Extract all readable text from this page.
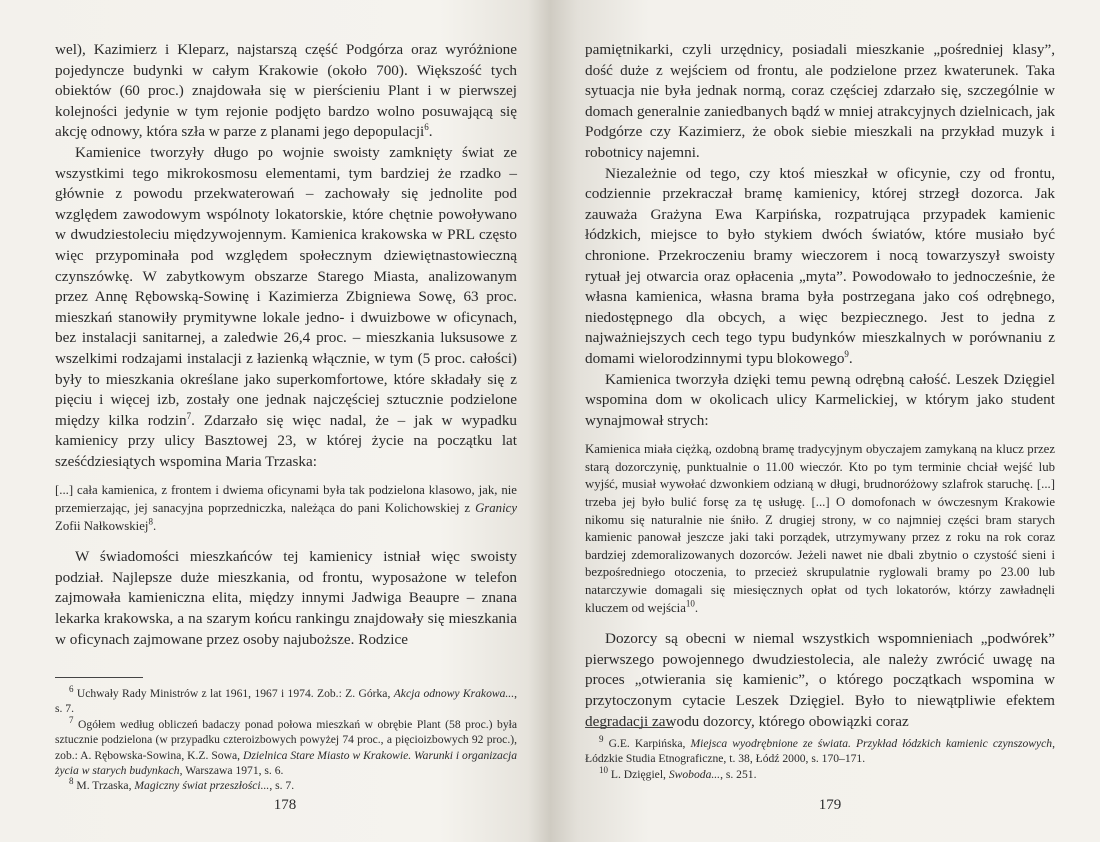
wel), Kazimierz i Kleparz, najstarszą część Podgórza oraz wyróżnione pojedyncze budynki w całym Krakowie (około 700). Większość tych obiektów (60 proc.) znajdowała się w pierścieniu Plant i w pierwszej kolejności jedynie w tym rejonie podjęto bardzo wolno posuwającą się akcję odnowy, która szła w parze z planami jego depopulacji$^6$.

Kamienice tworzyły długo po wojnie swoisty zamknięty świat ze wszystkimi tego mikrokosmosu elementami, tym bardziej że rzadko – głównie z powodu przekwaterowań – zachowały się jednolite pod względem zawodowym wspólnoty lokatorskie, które chętnie powoływano w dwudziestoleciu międzywojennym. Kamienica krakowska w PRL często więc przypominała pod względem społecznym dziewiętnastowieczną czynszówkę. W zabytkowym obszarze Starego Miasta, analizowanym przez Annę Rębowską-Sowinę i Kazimierza Zbigniewa Sowę, 63 proc. mieszkań stanowiły prymitywne lokale jedno- i dwuizbowe w oficynach, bez instalacji sanitarnej, a zaledwie 26,4 proc. – mieszkania luksusowe z wszelkimi rodzajami instalacji z łazienką włącznie, w tym (5 proc. całości) były to mieszkania określane jako superkomfortowe, które składały się z pięciu i więcej izb, zostały one jednak najczęściej sztucznie podzielone między kilka rodzin$^7$. Zdarzało się więc nadal, że – jak w wypadku kamienicy przy ulicy Basztowej 23, w której życie na początku lat sześćdziesiątych wspomina Maria Trzaska:

[...] cała kamienica, z frontem i dwiema oficynami była tak podzielona klasowo, jak, nie przemierzając, jej sanacyjna poprzedniczka, należąca do pani Kolichowskiej z Granicy Zofii Nałkowskiej$^8$.

W świadomości mieszkańców tej kamienicy istniał więc swoisty podział. Najlepsze duże mieszkania, od frontu, wyposażone w telefon zajmowała kamieniczna elita, między innymi Jadwiga Beaupre – znana lekarka krakowska, a na szarym końcu rankingu znajdowały się mieszkania w oficynach zajmowane przez osoby najuboższe. Rodzice

$^6$ Uchwały Rady Ministrów z lat 1961, 1967 i 1974. Zob.: Z. Górka, Akcja odnowy Krakowa..., s. 7.

$^7$ Ogółem według obliczeń badaczy ponad połowa mieszkań w obrębie Plant (58 proc.) była sztucznie podzielona (w przypadku czteroizbowych powyżej 74 proc., a pięcioizbowych 92 proc.), zob.: A. Rębowska-Sowina, K.Z. Sowa, Dzielnica Stare Miasto w Krakowie. Warunki i organizacja życia w starych budynkach, Warszawa 1971, s. 6.

$^8$ M. Trzaska, Magiczny świat przeszłości..., s. 7.

178

pamiętnikarki, czyli urzędnicy, posiadali mieszkanie „pośredniej klasy”, dość duże z wejściem od frontu, ale podzielone przez kwaterunek. Taka sytuacja nie była jednak normą, coraz częściej zdarzało się, szczególnie w domach generalnie zaniedbanych bądź w mniej atrakcyjnych dzielnicach, jak Podgórze czy Kazimierz, że obok siebie mieszkali na przykład muzyk i robotnicy najemni.

Niezależnie od tego, czy ktoś mieszkał w oficynie, czy od frontu, codziennie przekraczał bramę kamienicy, której strzegł dozorca. Jak zauważa Grażyna Ewa Karpińska, rozpatrująca przypadek kamienic łódzkich, miejsce to było stykiem dwóch światów, które musiało być chronione. Przekroczeniu bramy wieczorem i nocą towarzyszył swoisty rytuał jej otwarcia oraz opłacenia „myta”. Powodowało to jednocześnie, że własna kamienica, własna brama była postrzegana jako coś odrębnego, niedostępnego dla obcych, a więc bezpiecznego. Jest to jedna z najważniejszych cech tego typu budynków mieszkalnych w porównaniu z domami wielorodzinnymi typu blokowego$^9$.

Kamienica tworzyła dzięki temu pewną odrębną całość. Leszek Dzięgiel wspomina dom w okolicach ulicy Karmelickiej, w którym jako student wynajmował strych:

Kamienica miała ciężką, ozdobną bramę tradycyjnym obyczajem zamykaną na klucz przez starą dozorczynię, punktualnie o 11.00 wieczór. Kto po tym terminie chciał wejść lub wyjść, musiał wywołać dzwonkiem odzianą w długi, brudnoróżowy szlafrok staruchę. [...] trzeba jej było bulić forsę za tę usługę. [...] O domofonach w ówczesnym Krakowie nikomu się naturalnie nie śniło. Z drugiej strony, w co najmniej części bram starych kamienic panował jeszcze jaki taki porządek, utrzymywany przez z roku na rok coraz bardziej zdemoralizowanych dozorców. Jeżeli nawet nie dbali zbytnio o czystość sieni i bezpośredniego otoczenia, to przecież skrupulatnie ryglowali bramy po 23.00 lub natarczywie domagali się miesięcznych opłat od tych lokatorów, którzy zawładnęli kluczem od wejścia$^{10}$.

Dozorcy są obecni w niemal wszystkich wspomnieniach „podwórek” pierwszego powojennego dwudziestolecia, ale należy zwrócić uwagę na proces „otwierania się kamienic”, o którego początkach wspomina w przytoczonym cytacie Leszek Dzięgiel. Było to niewątpliwie efektem degradacji zawodu dozorcy, którego obowiązki coraz

$^9$ G.E. Karpińska, Miejsca wyodrębnione ze świata. Przykład łódzkich kamienic czynszowych, Łódzkie Studia Etnograficzne, t. 38, Łódź 2000, s. 170–171.

$^{10}$ L. Dzięgiel, Swoboda..., s. 251.

179
